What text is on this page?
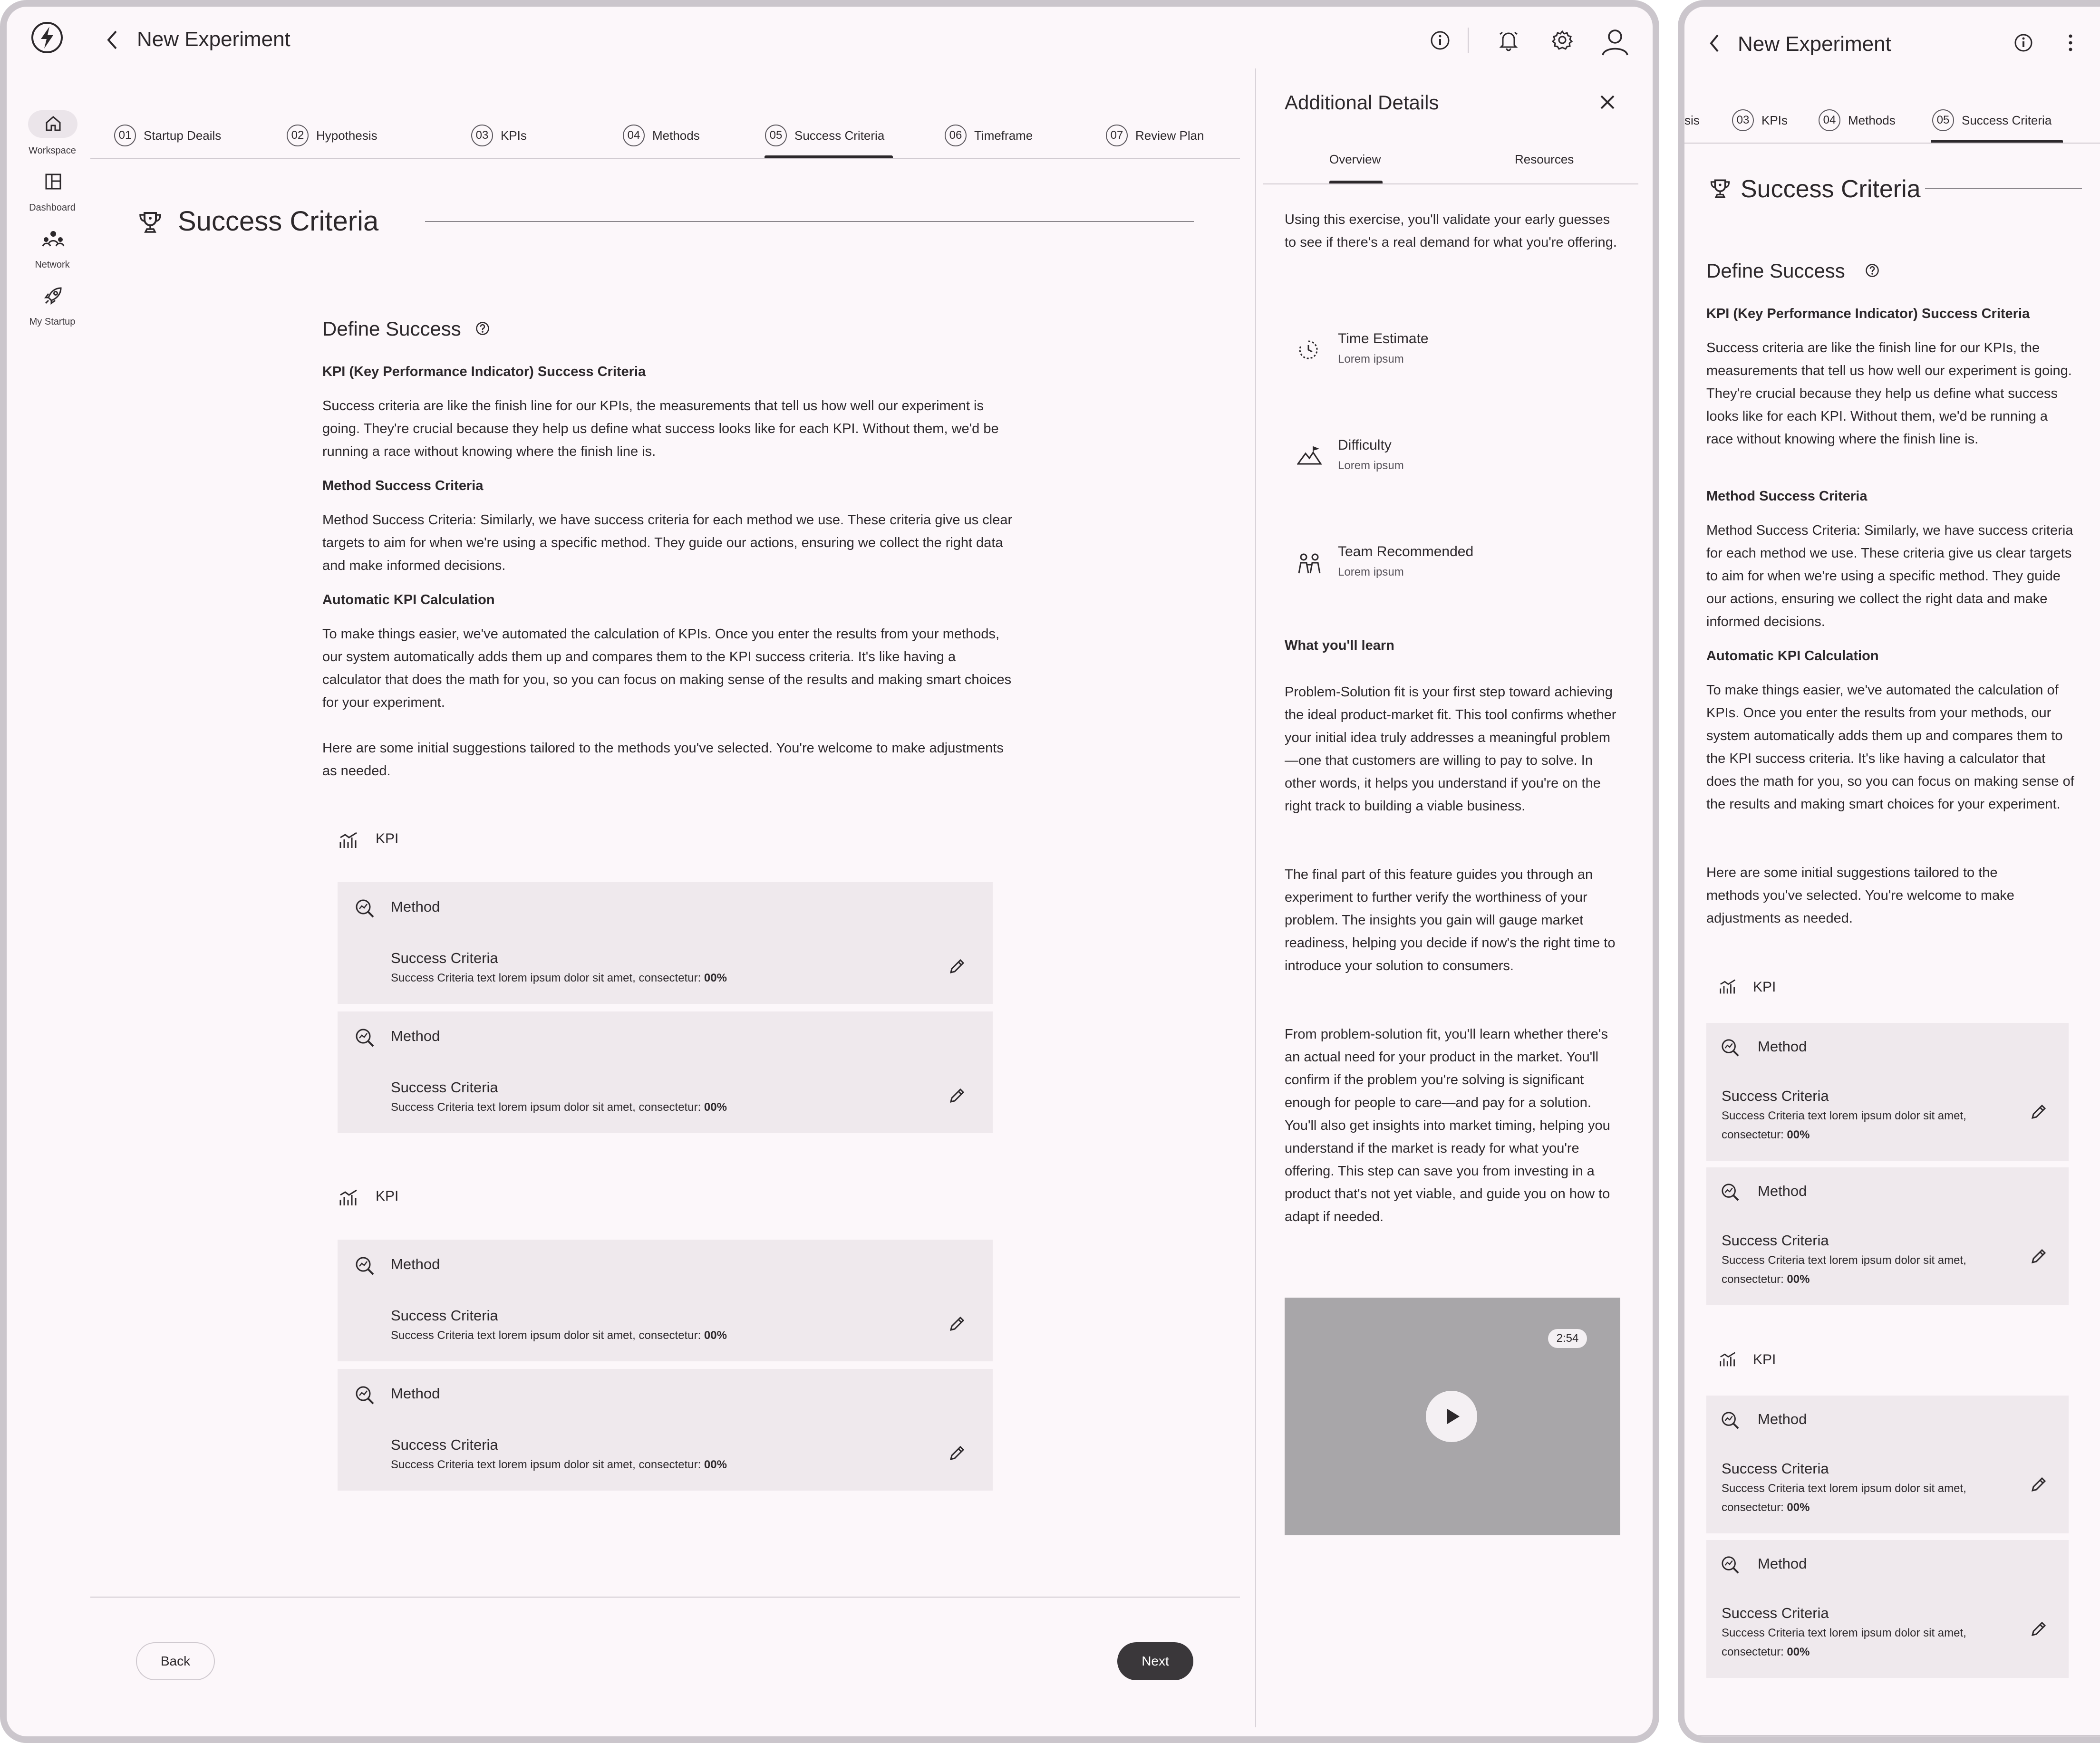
New Experiment
Workspace
Dashboard
Network
My Startup
01 Startup Deails	02 Hypothesis	03 KPIs	04 Methods	05 Success Criteria	06 Timeframe	07 Review Plan
Success Criteria
Define Success
KPI (Key Performance Indicator) Success Criteria
Success criteria are like the finish line for our KPIs, the measurements that tell us how well our experiment is going. They're crucial because they help us define what success looks like for each KPI. Without them, we'd be running a race without knowing where the finish line is.
Method Success Criteria
Method Success Criteria: Similarly, we have success criteria for each method we use. These criteria give us clear targets to aim for when we're using a specific method. They guide our actions, ensuring we collect the right data and make informed decisions.
Automatic KPI Calculation
To make things easier, we've automated the calculation of KPIs. Once you enter the results from your methods, our system automatically adds them up and compares them to the KPI success criteria. It's like having a calculator that does the math for you, so you can focus on making sense of the results and making smart choices for your experiment.
Here are some initial suggestions tailored to the methods you've selected. You're welcome to make adjustments as needed.
KPI
Method
Success Criteria
Success Criteria text lorem ipsum dolor sit amet, consectetur: 00%
Method
Success Criteria
Success Criteria text lorem ipsum dolor sit amet, consectetur: 00%
KPI
Method
Success Criteria
Success Criteria text lorem ipsum dolor sit amet, consectetur: 00%
Method
Success Criteria
Success Criteria text lorem ipsum dolor sit amet, consectetur: 00%
Back	Next
Additional Details
Overview	Resources
Using this exercise, you'll validate your early guesses to see if there's a real demand for what you're offering.
Time Estimate
Lorem ipsum
Difficulty
Lorem ipsum
Team Recommended
Lorem ipsum
What you'll learn
Problem-Solution fit is your first step toward achieving the ideal product-market fit. This tool confirms whether your initial idea truly addresses a meaningful problem—one that customers are willing to pay to solve. In other words, it helps you understand if you're on the right track to building a viable business.
The final part of this feature guides you through an experiment to further verify the worthiness of your problem. The insights you gain will gauge market readiness, helping you decide if now's the right time to introduce your solution to consumers.
From problem-solution fit, you'll learn whether there's an actual need for your product in the market. You'll confirm if the problem you're solving is significant enough for people to care—and pay for a solution. You'll also get insights into market timing, helping you understand if the market is ready for what you're offering. This step can save you from investing in a product that's not yet viable, and guide you on how to adapt if needed.
2:54
New Experiment
sis	03 KPIs	04 Methods	05 Success Criteria
Success Criteria
Define Success
KPI (Key Performance Indicator) Success Criteria
Success criteria are like the finish line for our KPIs, the measurements that tell us how well our experiment is going. They're crucial because they help us define what success looks like for each KPI. Without them, we'd be running a race without knowing where the finish line is.
Method Success Criteria
Method Success Criteria: Similarly, we have success criteria for each method we use. These criteria give us clear targets to aim for when we're using a specific method. They guide our actions, ensuring we collect the right data and make informed decisions.
Automatic KPI Calculation
To make things easier, we've automated the calculation of KPIs. Once you enter the results from your methods, our system automatically adds them up and compares them to the KPI success criteria. It's like having a calculator that does the math for you, so you can focus on making sense of the results and making smart choices for your experiment.
Here are some initial suggestions tailored to the methods you've selected. You're welcome to make adjustments as needed.
KPI
Method
Success Criteria
Success Criteria text lorem ipsum dolor sit amet, consectetur: 00%
Method
Success Criteria
Success Criteria text lorem ipsum dolor sit amet, consectetur: 00%
KPI
Method
Success Criteria
Success Criteria text lorem ipsum dolor sit amet, consectetur: 00%
Method
Success Criteria
Success Criteria text lorem ipsum dolor sit amet, consectetur: 00%
